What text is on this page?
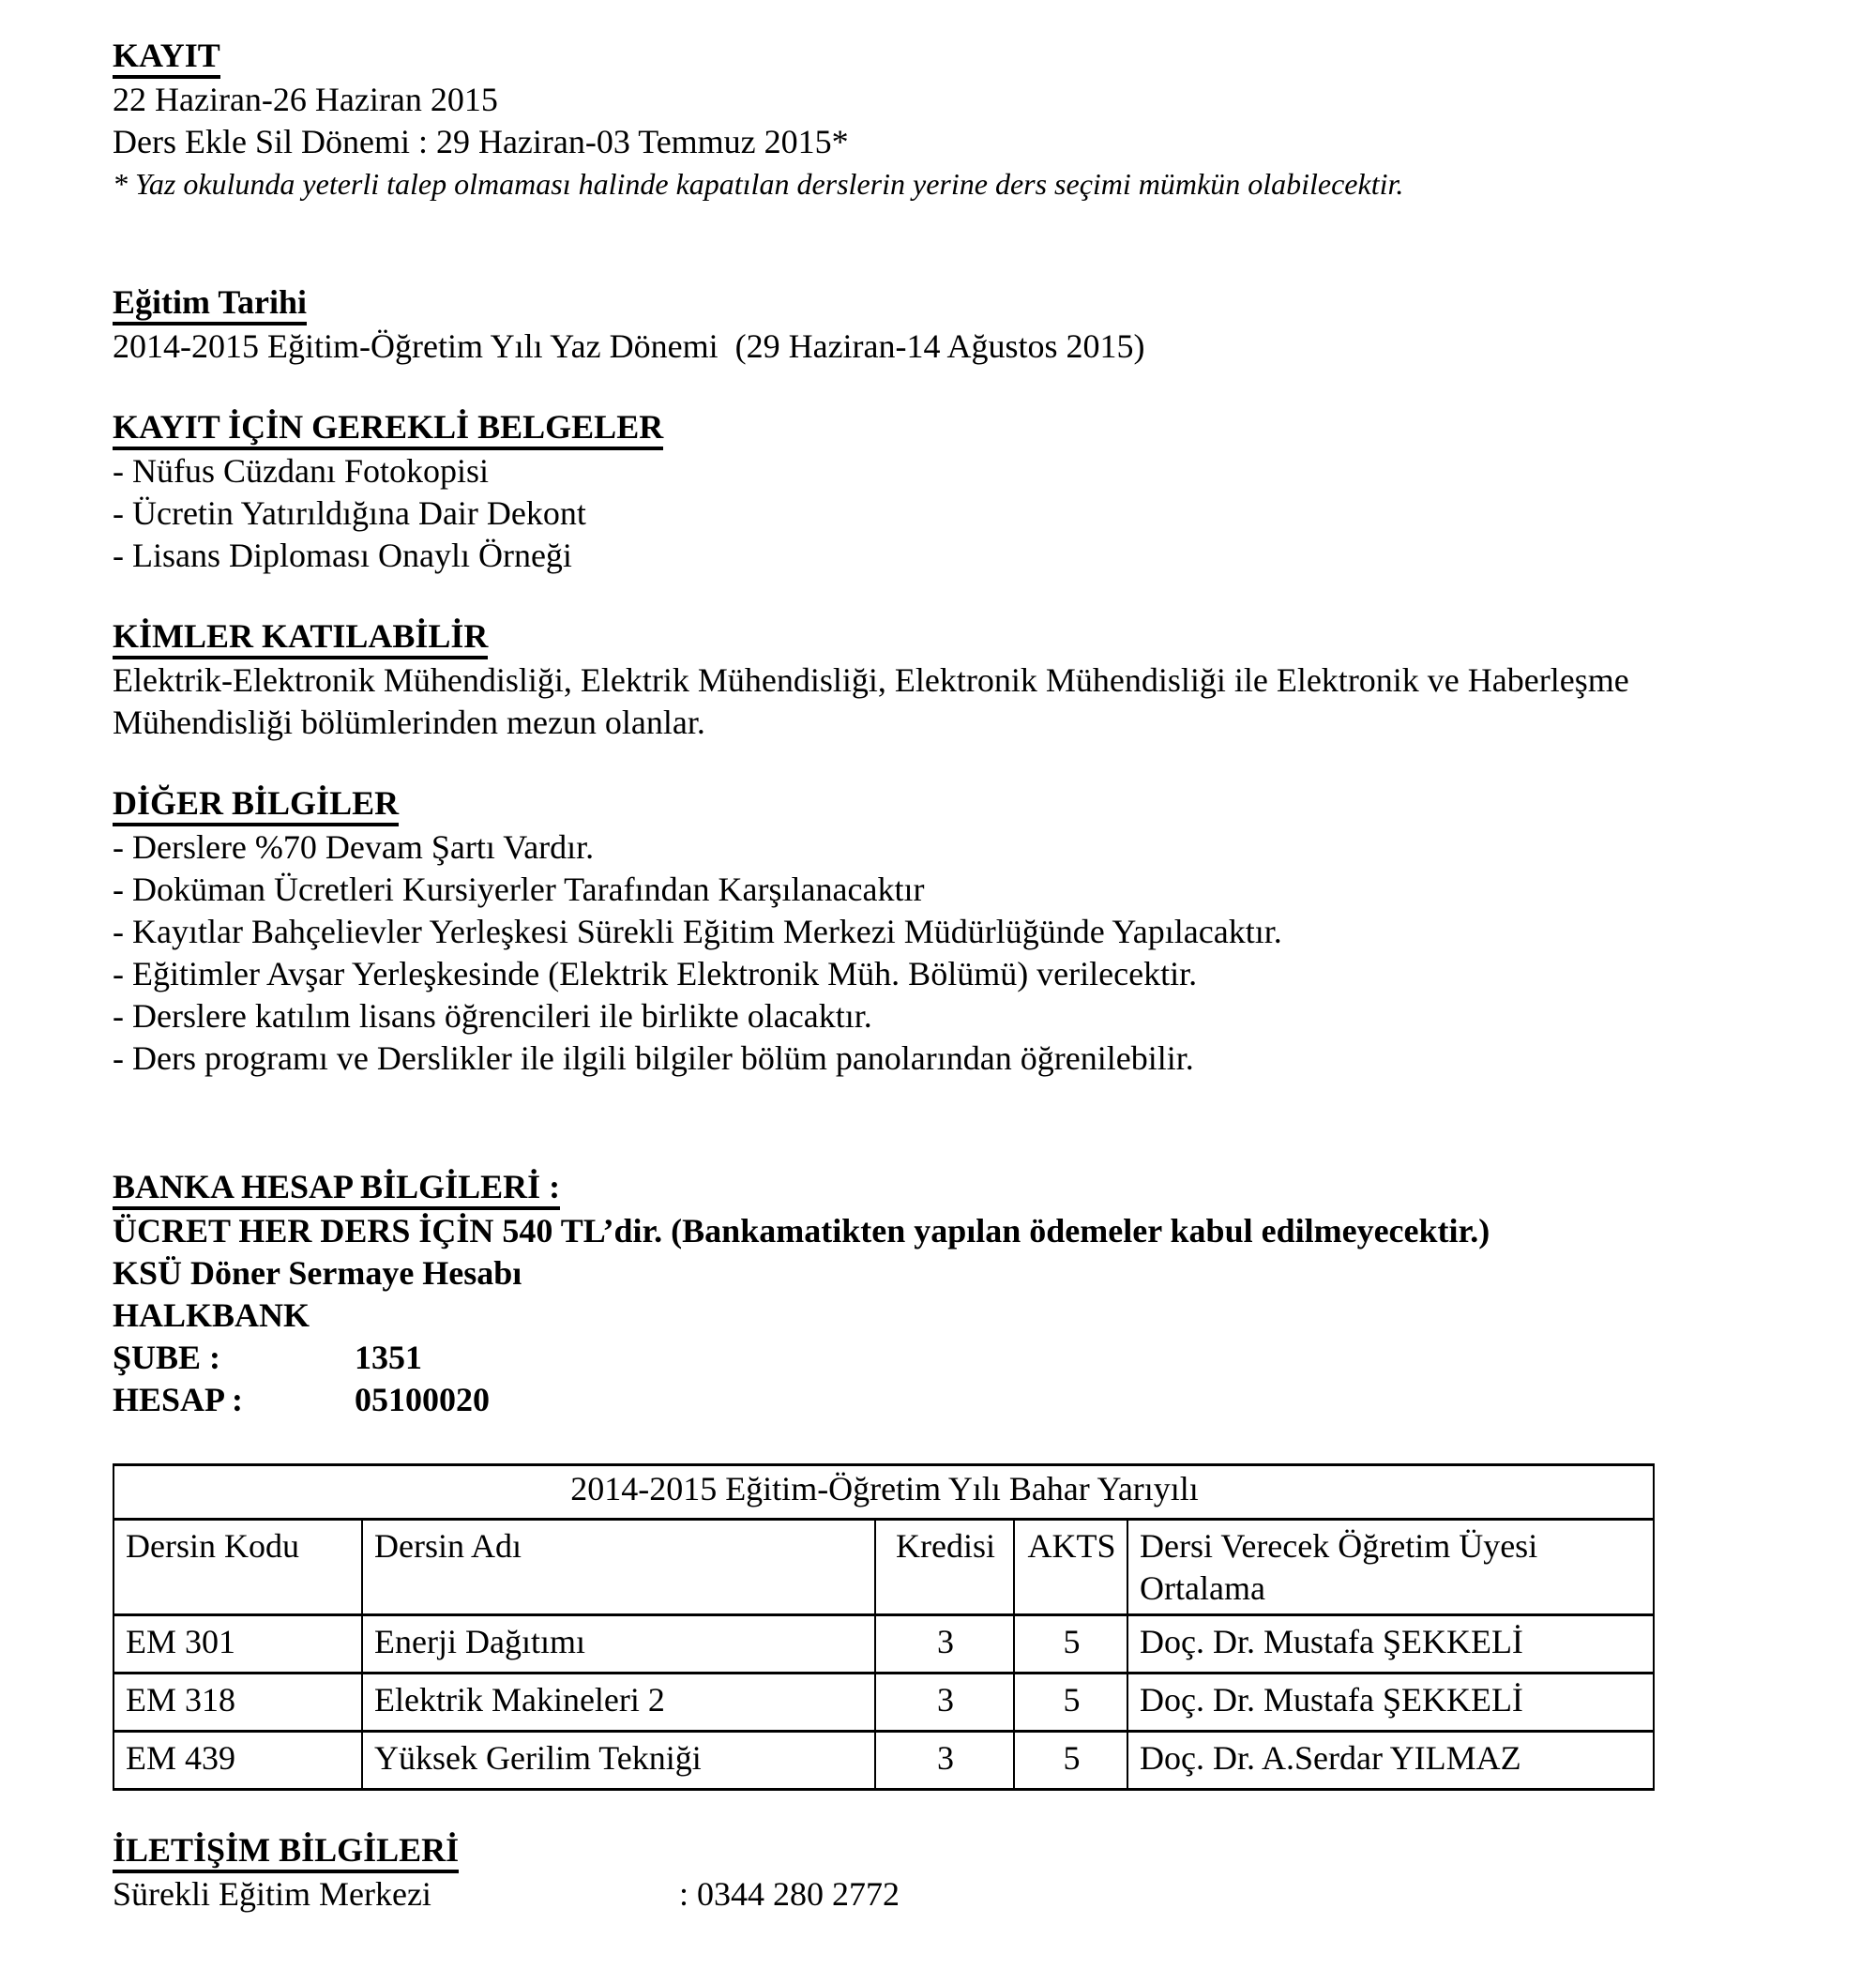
KAYIT

22 Haziran-26 Haziran 2015

Ders Ekle Sil Dönemi : 29 Haziran-03 Temmuz 2015*

* Yaz okulunda yeterli talep olmaması halinde kapatılan derslerin yerine ders seçimi mümkün olabilecektir.

Eğitim Tarihi

2014-2015 Eğitim-Öğretim Yılı Yaz Dönemi  (29 Haziran-14 Ağustos 2015)

KAYIT İÇİN GEREKLİ BELGELER

- Nüfus Cüzdanı Fotokopisi

- Ücretin Yatırıldığına Dair Dekont

- Lisans Diploması Onaylı Örneği

KİMLER KATILABİLİR

Elektrik-Elektronik Mühendisliği, Elektrik Mühendisliği, Elektronik Mühendisliği ile Elektronik ve Haberleşme Mühendisliği bölümlerinden mezun olanlar.

DİĞER BİLGİLER

- Derslere %70 Devam Şartı Vardır.

- Doküman Ücretleri Kursiyerler Tarafından Karşılanacaktır

- Kayıtlar Bahçelievler Yerleşkesi Sürekli Eğitim Merkezi Müdürlüğünde Yapılacaktır.

- Eğitimler Avşar Yerleşkesinde (Elektrik Elektronik Müh. Bölümü) verilecektir.

- Derslere katılım lisans öğrencileri ile birlikte olacaktır.

- Ders programı ve Derslikler ile ilgili bilgiler bölüm panolarından öğrenilebilir.

BANKA HESAP BİLGİLERİ :

ÜCRET HER DERS İÇİN 540 TL’dir. (Bankamatikten yapılan ödemeler kabul edilmeyecektir.)

KSÜ Döner Sermaye Hesabı

HALKBANK

ŞUBE :	1351

HESAP :	05100020

2014-2015 Eğitim-Öğretim Yılı Bahar Yarıyılı				
Dersin Kodu	Dersin Adı	Kredisi	AKTS	Dersi Verecek Öğretim Üyesi
Ortalama
EM 301	Enerji Dağıtımı	3	5	Doç. Dr. Mustafa ŞEKKELİ
EM 318	Elektrik Makineleri 2	3	5	Doç. Dr. Mustafa ŞEKKELİ
EM 439	Yüksek Gerilim Tekniği	3	5	Doç. Dr. A.Serdar YILMAZ

İLETİŞİM BİLGİLERİ

Sürekli Eğitim Merkezi	: 0344 280 2772
